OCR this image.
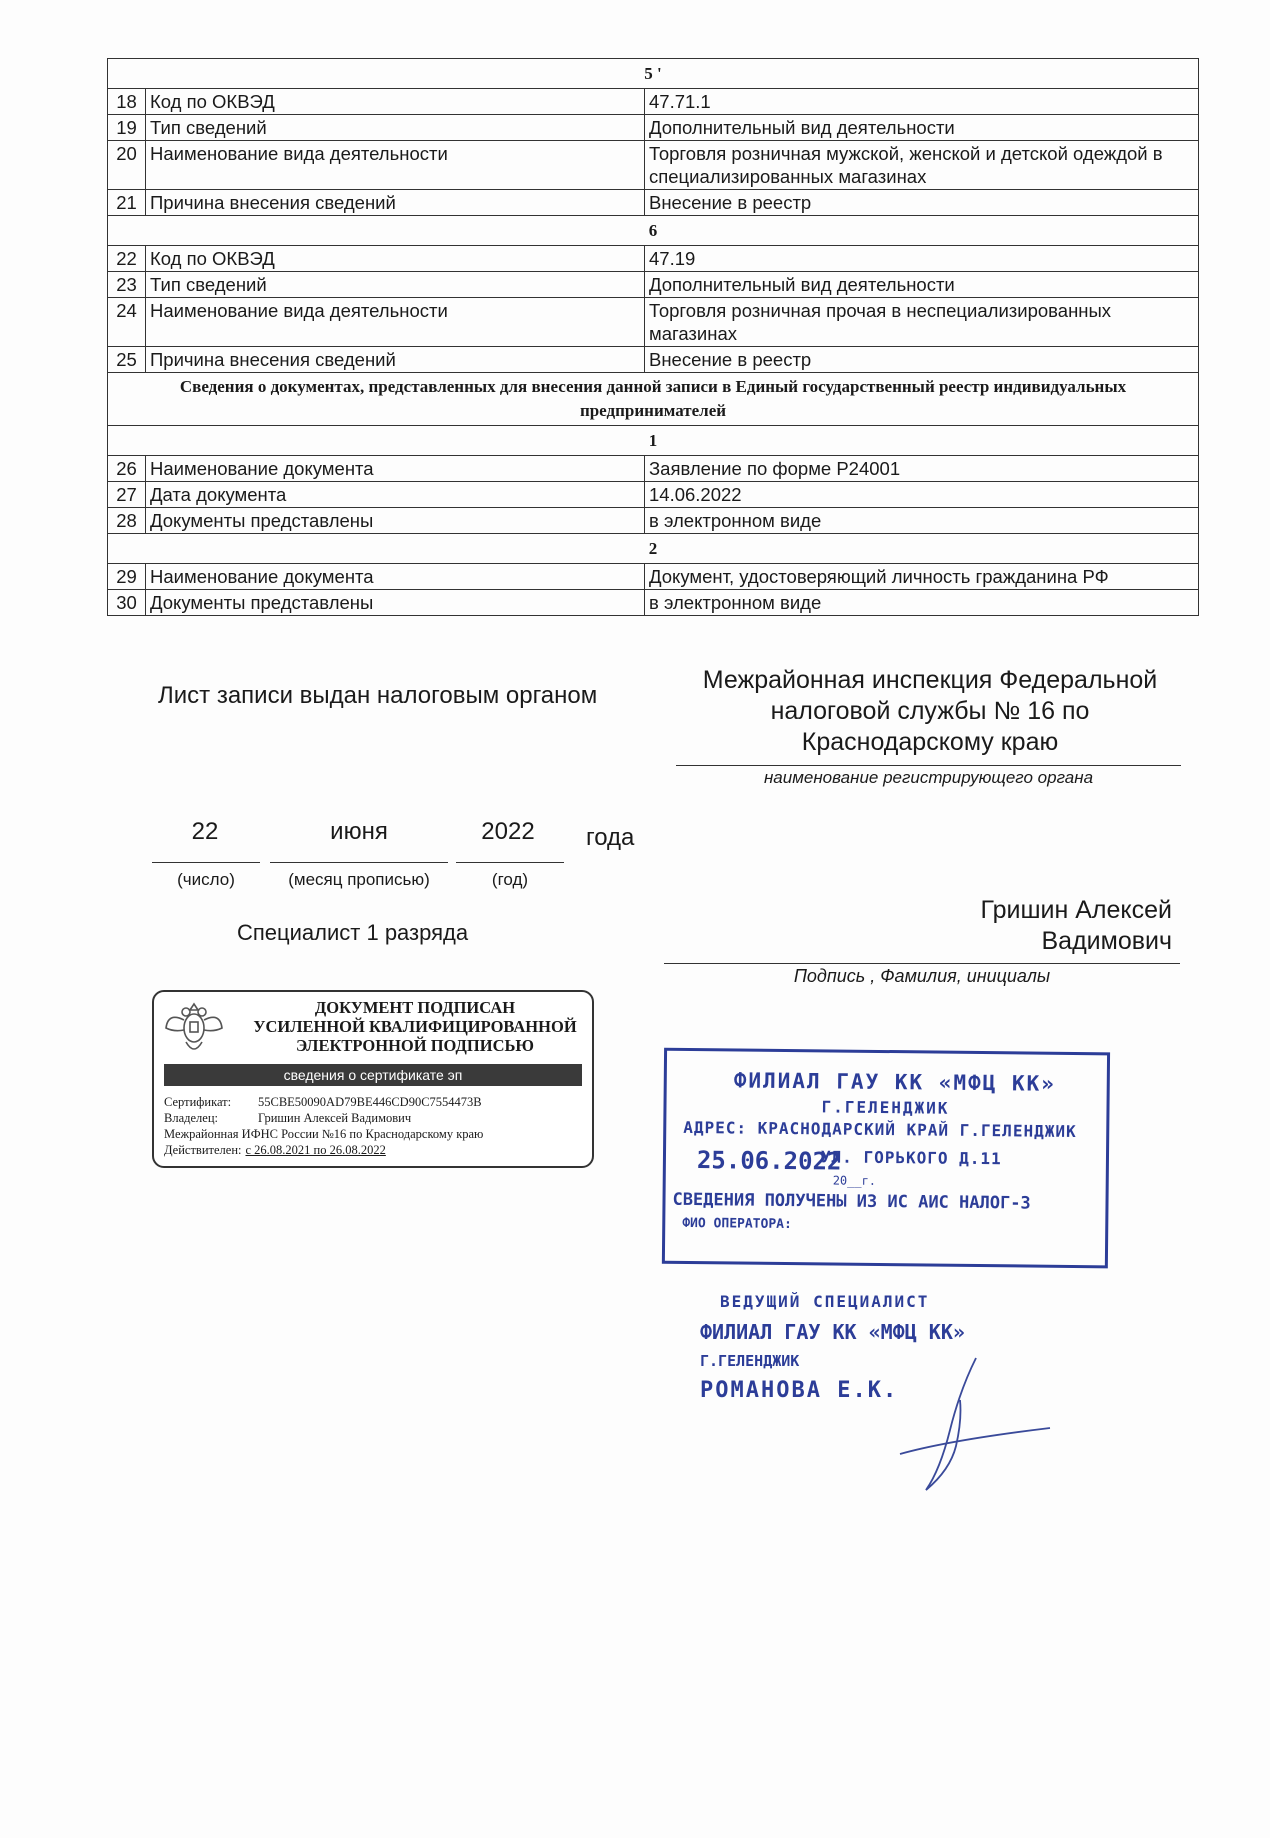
5 '		
18	Код по ОКВЭД	47.71.1
19	Тип сведений	Дополнительный вид деятельности
20	Наименование вида деятельности	Торговля розничная мужской, женской и детской одеждой в специализированных магазинах
21	Причина внесения сведений	Внесение в реестр
6		
22	Код по ОКВЭД	47.19
23	Тип сведений	Дополнительный вид деятельности
24	Наименование вида деятельности	Торговля розничная прочая в неспециализированных магазинах
25	Причина внесения сведений	Внесение в реестр
Сведения о документах, представленных для внесения данной записи в Единый государственный реестр индивидуальных предпринимателей		
1		
26	Наименование документа	Заявление по форме Р24001
27	Дата документа	14.06.2022
28	Документы представлены	в электронном виде
2		
29	Наименование документа	Документ, удостоверяющий личность гражданина РФ
30	Документы представлены	в электронном виде
Лист записи выдан налоговым органом
Межрайонная инспекция Федеральной налоговой службы № 16 по Краснодарскому краю
наименование регистрирующего органа
22	июня	2022	года
(число)	(месяц прописью)	(год)
Специалист 1 разряда
Гришин Алексей
Вадимович
Подпись , Фамилия, инициалы
ДОКУМЕНТ ПОДПИСАН
УСИЛЕННОЙ КВАЛИФИЦИРОВАННОЙ
ЭЛЕКТРОННОЙ ПОДПИСЬЮ
сведения о сертификате эп
Сертификат: 55CBE50090AD79BE446CD90C7554473B
Владелец:	Гришин Алексей Вадимович
Межрайонная ИФНС России №16 по Краснодарскому краю
Действителен: с 26.08.2021 по 26.08.2022
ФИЛИАЛ ГАУ КК «МФЦ КК»
Г.ГЕЛЕНДЖИК
АДРЕС: КРАСНОДАРСКИЙ КРАЙ Г.ГЕЛЕНДЖИК
УЛ. ГОРЬКОГО Д.11
25.06.2022
20__г.
СВЕДЕНИЯ ПОЛУЧЕНЫ ИЗ ИС АИС НАЛОГ-3
ФИО ОПЕРАТОРА:
ВЕДУЩИЙ СПЕЦИАЛИСТ
ФИЛИАЛ ГАУ КК «МФЦ КК»
Г.ГЕЛЕНДЖИК
РОМАНОВА Е.К.
